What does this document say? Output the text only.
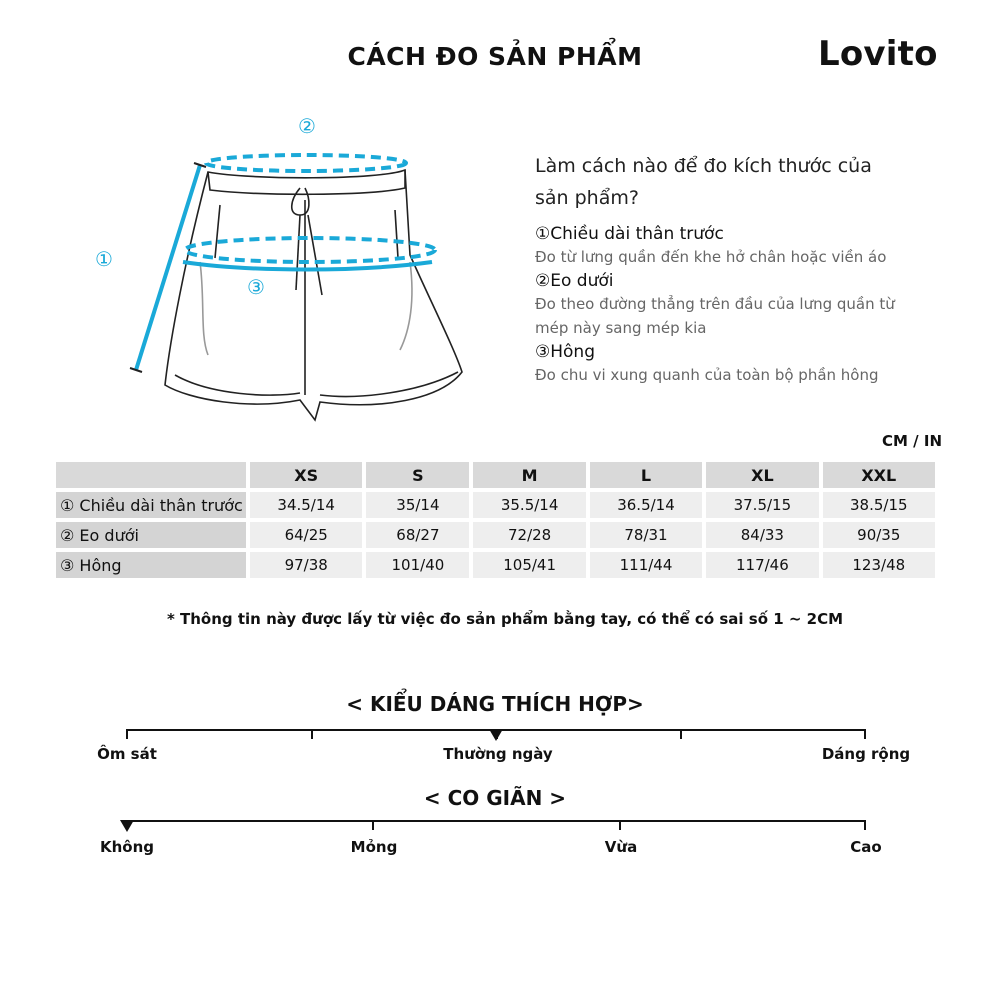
CÁCH ĐO SẢN PHẨM	Lovito
②
①
③
Làm cách nào để đo kích thước của
sản phẩm?
①Chiều dài thân trước
Đo từ lưng quần đến khe hở chân hoặc viền áo
②Eo dưới
Đo theo đường thẳng trên đầu của lưng quần từ mép này sang mép kia
③Hông
Đo chu vi xung quanh của toàn bộ phần hông
CM / IN
	XS	S	M	L	XL	XXL
① Chiều dài thân trước	34.5/14	35/14	35.5/14	36.5/14	37.5/15	38.5/15
② Eo dưới	64/25	68/27	72/28	78/31	84/33	90/35
③ Hông	97/38	101/40	105/41	111/44	117/46	123/48
* Thông tin này được lấy từ việc đo sản phẩm bằng tay, có thể có sai số 1 ~ 2CM
< KIỂU DÁNG THÍCH HỢP>
Ôm sát	Thường ngày	Dáng rộng
< CO GIÃN >
Không	Mỏng	Vừa	Cao
